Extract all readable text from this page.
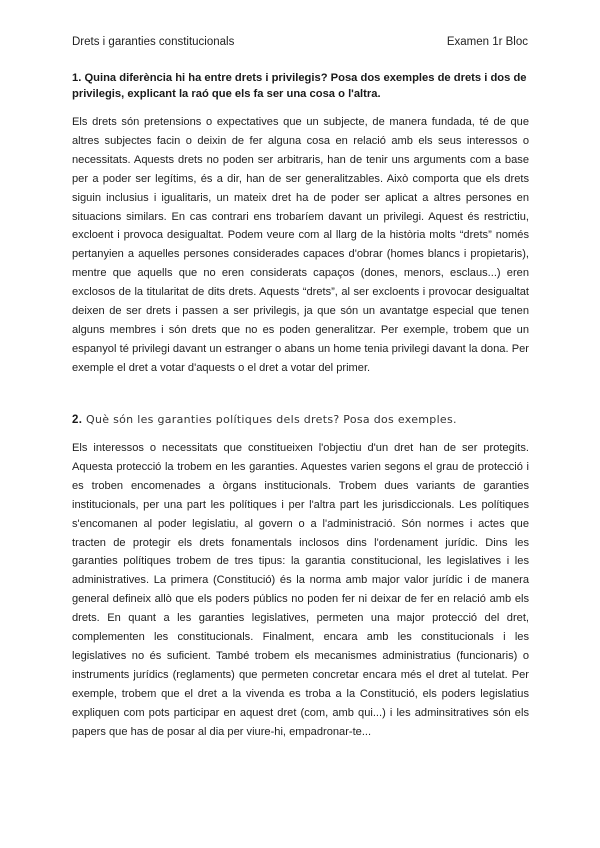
Drets i garanties constitucionals	Examen 1r Bloc
1. Quina diferència hi ha entre drets i privilegis? Posa dos exemples de drets i dos de privilegis, explicant la raó que els fa ser una cosa o l'altra.
Els drets són pretensions o expectatives que un subjecte, de manera fundada, té de que altres subjectes facin o deixin de fer alguna cosa en relació amb els seus interessos o necessitats. Aquests drets no poden ser arbitraris, han de tenir uns arguments com a base per a poder ser legítims, és a dir, han de ser generalitzables. Això comporta que els drets siguin inclusius i igualitaris, un mateix dret ha de poder ser aplicat a altres persones en situacions similars. En cas contrari ens trobaríem davant un privilegi. Aquest és restrictiu, excloent i provoca desigualtat. Podem veure com al llarg de la història molts “drets” només pertanyien a aquelles persones considerades capaces d'obrar (homes blancs i propietaris), mentre que aquells que no eren considerats capaços (dones, menors, esclaus...) eren exclosos de la titularitat de dits drets. Aquests “drets”, al ser excloents i provocar desigualtat deixen de ser drets i passen a ser privilegis, ja que són un avantatge especial que tenen alguns membres i són drets que no es poden generalitzar. Per exemple, trobem que un espanyol té privilegi davant un estranger o abans un home tenia privilegi davant la dona. Per exemple el dret a votar d'aquests o el dret a votar del primer.
2. Què són les garanties polítiques dels drets? Posa dos exemples.
Els interessos o necessitats que constitueixen l'objectiu d'un dret han de ser protegits. Aquesta protecció la trobem en les garanties. Aquestes varien segons el grau de protecció i es troben encomenades a òrgans institucionals. Trobem dues variants de garanties institucionals, per una part les polítiques i per l'altra part les jurisdiccionals. Les polítiques s'encomanen al poder legislatiu, al govern o a l'administració. Són normes i actes que tracten de protegir els drets fonamentals inclosos dins l'ordenament jurídic. Dins les garanties polítiques trobem de tres tipus: la garantia constitucional, les legislatives i les administratives. La primera (Constitució) és la norma amb major valor jurídic i de manera general defineix allò que els poders públics no poden fer ni deixar de fer en relació amb els drets. En quant a les garanties legislatives, permeten una major protecció del dret, complementen les constitucionals. Finalment, encara amb les constitucionals i les legislatives no és suficient. També trobem els mecanismes administratius (funcionaris) o instruments jurídics (reglaments) que permeten concretar encara més el dret al tutelat. Per exemple, trobem que el dret a la vivenda es troba a la Constitució, els poders legislatius expliquen com pots participar en aquest dret (com, amb qui...) i les adminsitratives són els papers que has de posar al dia per viure-hi, empadronar-te...
